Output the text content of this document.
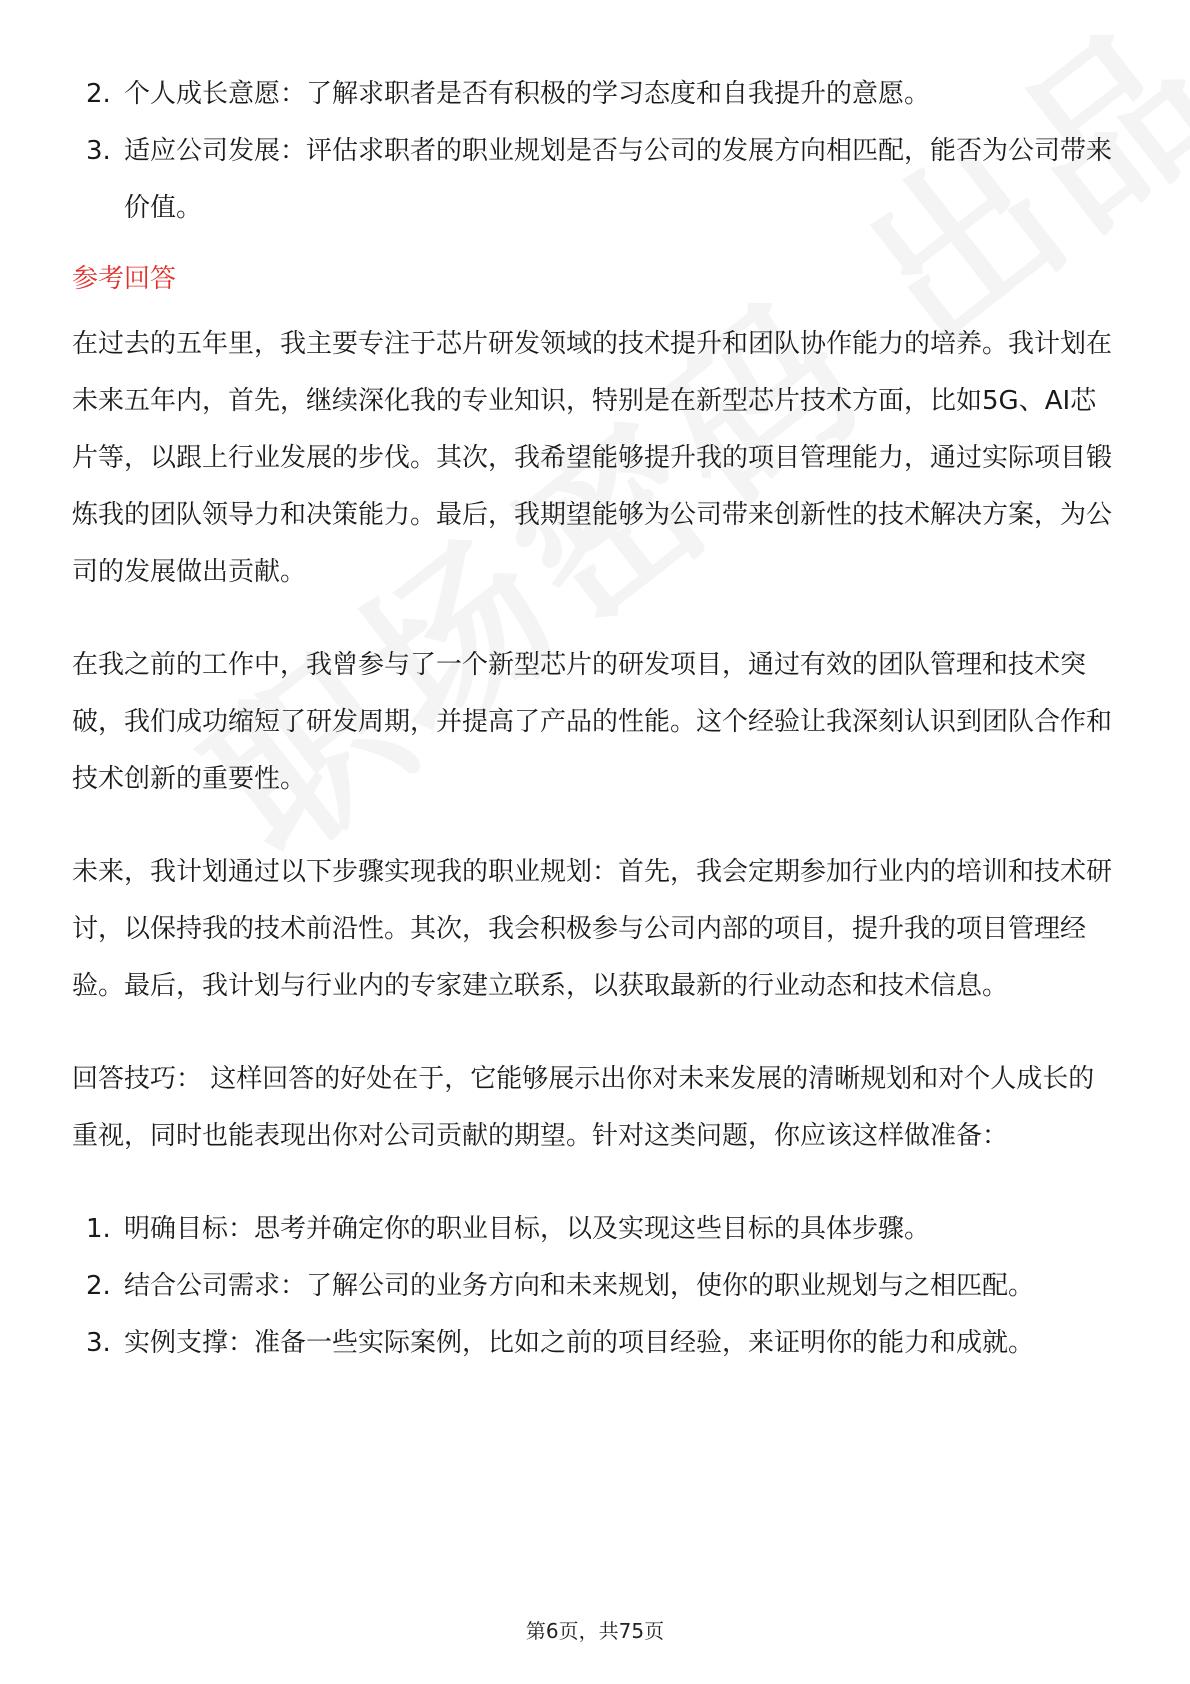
2. 个人成长意愿：了解求职者是否有积极的学习态度和自我提升的意愿。
3. 适应公司发展：评估求职者的职业规划是否与公司的发展方向相匹配，能否为公司带来价值。
参考回答

在过去的五年里，我主要专注于芯片研发领域的技术提升和团队协作能力的培养。我计划在未来五年内，首先，继续深化我的专业知识，特别是在新型芯片技术方面，比如5G、AI芯片等，以跟上行业发展的步伐。其次，我希望能够提升我的项目管理能力，通过实际项目锻炼我的团队领导力和决策能力。最后，我期望能够为公司带来创新性的技术解决方案，为公司的发展做出贡献。

在我之前的工作中，我曾参与了一个新型芯片的研发项目，通过有效的团队管理和技术突破，我们成功缩短了研发周期，并提高了产品的性能。这个经验让我深刻认识到团队合作和技术创新的重要性。

未来，我计划通过以下步骤实现我的职业规划：首先，我会定期参加行业内的培训和技术研讨，以保持我的技术前沿性。其次，我会积极参与公司内部的项目，提升我的项目管理经验。最后，我计划与行业内的专家建立联系，以获取最新的行业动态和技术信息。

回答技巧： 这样回答的好处在于，它能够展示出你对未来发展的清晰规划和对个人成长的重视，同时也能表现出你对公司贡献的期望。针对这类问题，你应该这样做准备：

1. 明确目标：思考并确定你的职业目标，以及实现这些目标的具体步骤。
2. 结合公司需求：了解公司的业务方向和未来规划，使你的职业规划与之相匹配。
3. 实例支撑：准备一些实际案例，比如之前的项目经验，来证明你的能力和成就。
第6页，共75页
